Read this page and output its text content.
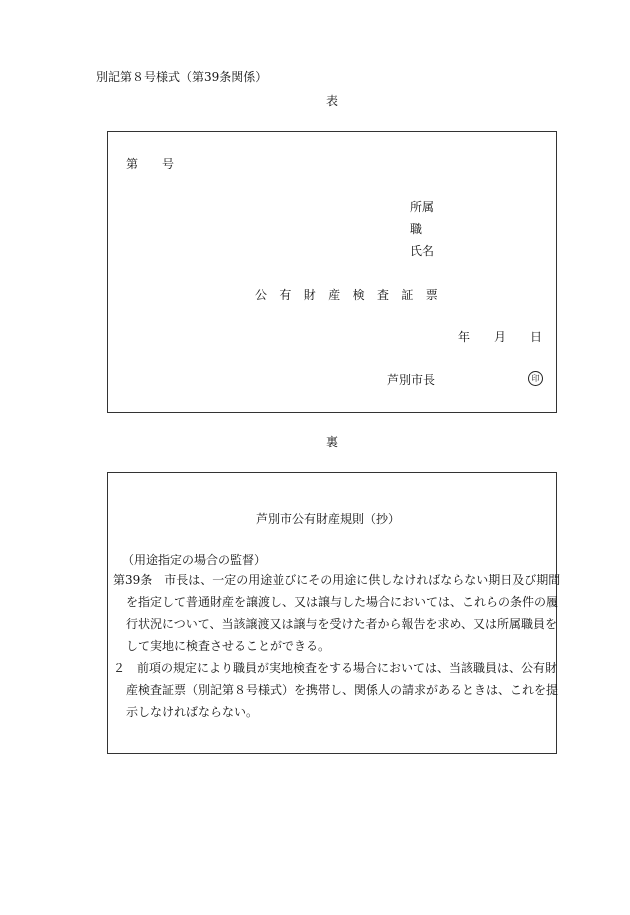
別記第８号様式（第39条関係）
表
第　　号
所属
職
氏名
公　有　財　産　検　査　証　票
年　　月　　日
芦別市長	印
裏
芦別市公有財産規則（抄）
（用途指定の場合の監督）
第39条　市長は、一定の用途並びにその用途に供しなければならない期日及び期間
を指定して普通財産を譲渡し、又は譲与した場合においては、これらの条件の履
行状況について、当該譲渡又は譲与を受けた者から報告を求め、又は所属職員を
して実地に検査させることができる。
２　前項の規定により職員が実地検査をする場合においては、当該職員は、公有財
産検査証票（別記第８号様式）を携帯し、関係人の請求があるときは、これを提
示しなければならない。
